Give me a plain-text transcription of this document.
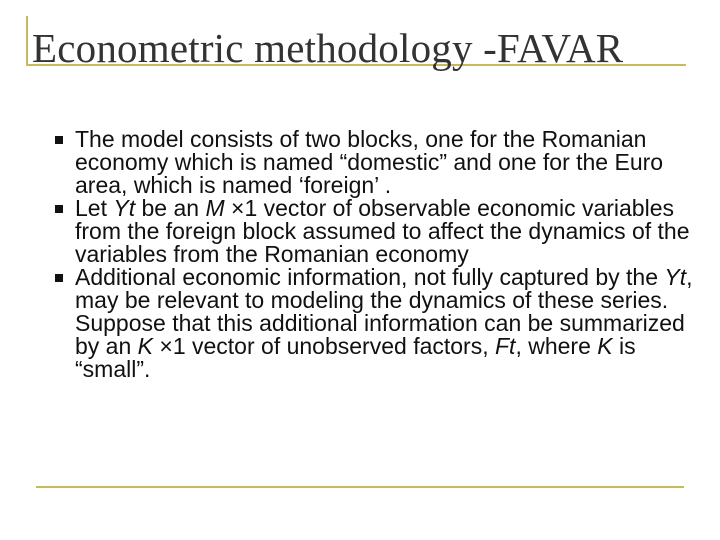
Econometric methodology -FAVAR
The model consists of two blocks, one for the Romanian economy which is named “domestic” and one for the Euro area, which is named ‘foreign’ .
Let Yt be an M ×1 vector of observable economic variables from the foreign block assumed to affect the dynamics of the variables from the Romanian economy
Additional economic information, not fully captured by the Yt, may be relevant to modeling the dynamics of these series. Suppose that this additional information can be summarized by an K ×1 vector of unobserved factors, Ft, where K is “small”.
